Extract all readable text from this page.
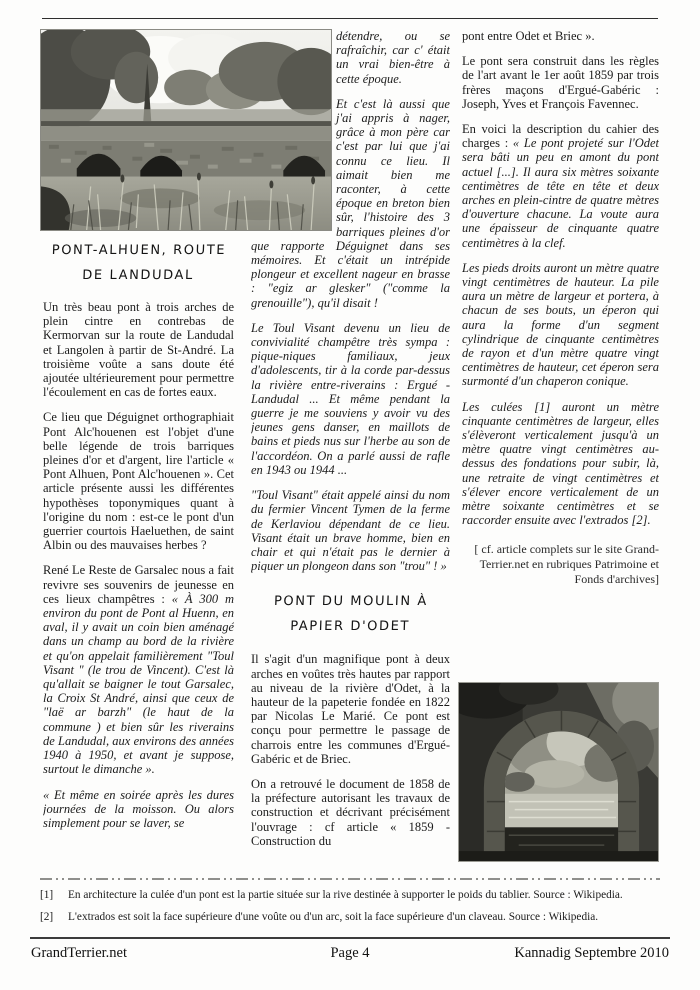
PONT-ALHUEN, ROUTE
DE LANDUDAL

Un très beau pont à trois arches de plein cintre en contrebas de Kermorvan sur la route de Landudal et Langolen à partir de St-André. La troisième voûte a sans doute été ajoutée ultérieurement pour permettre l'écoulement en cas de fortes eaux.

Ce lieu que Déguignet orthographiait Pont Alc'houenen est l'objet d'une belle légende de trois barriques pleines d'or et d'argent, lire l'article « Pont Alhuen, Pont Alc'houenen ». Cet article présente aussi les différentes hypothèses toponymiques quant à l'origine du nom : est-ce le pont d'un guerrier courtois Haeluethen, de saint Albin ou des mauvaises herbes ?

René Le Reste de Garsalec nous a fait revivre ses souvenirs de jeunesse en ces lieux champêtres : « À 300 m environ du pont de Pont al Huenn, en aval, il y avait un coin bien aménagé dans un champ au bord de la rivière et qu'on appelait familièrement "Toul Visant " (le trou de Vincent). C'est là qu'allait se baigner le tout Garsalec, la Croix St André, ainsi que ceux de "laë ar barzh" (le haut de la commune ) et bien sûr les riverains de Landudal, aux environs des années 1940 à 1950, et avant je suppose, surtout le dimanche ».

« Et même en soirée après les dures journées de la moisson. Ou alors simplement pour se laver, se

détendre, ou se rafraîchir, car c' était un vrai bien-être à cette époque.

Et c'est là aussi que j'ai appris à nager, grâce à mon père car c'est par lui que j'ai connu ce lieu. Il aimait bien me raconter, à cette époque en breton bien sûr, l'histoire des 3 barriques pleines d'or que rapporte Déguignet dans ses mémoires. Et c'était un intrépide plongeur et excellent nageur en brasse : "egiz ar glesker" ("comme la grenouille"), qu'il disait !

Le Toul Visant devenu un lieu de convivialité champêtre très sympa : pique-niques familiaux, jeux d'adolescents, tir à la corde par-dessus la rivière entre-riverains : Ergué - Landudal ... Et même pendant la guerre je me souviens y avoir vu des jeunes gens danser, en maillots de bains et pieds nus sur l'herbe au son de l'accordéon. On a parlé aussi de rafle en 1943 ou 1944 ...

"Toul Visant" était appelé ainsi du nom du fermier Vincent Tymen de la ferme de Kerlaviou dépendant de ce lieu. Visant était un brave homme, bien en chair et qui n'était pas le dernier à piquer un plongeon dans son "trou" ! »

PONT DU MOULIN À
PAPIER D'ODET

Il s'agit d'un magnifique pont à deux arches en voûtes très hautes par rapport au niveau de la rivière d'Odet, à la hauteur de la papeterie fondée en 1822 par Nicolas Le Marié. Ce pont est conçu pour permettre le passage de charrois entre les communes d'Ergué-Gabéric et de Briec.

On a retrouvé le document de 1858 de la préfecture autorisant les travaux de construction et décrivant précisément l'ouvrage : cf article « 1859 - Construction du

pont entre Odet et Briec ».

Le pont sera construit dans les règles de l'art avant le 1er août 1859 par trois frères maçons d'Ergué-Gabéric : Joseph, Yves et François Favennec.

En voici la description du cahier des charges : « Le pont projeté sur l'Odet sera bâti un peu en amont du pont actuel [...]. Il aura six mètres soixante centimètres de tête en tête et deux arches en plein-cintre de quatre mètres d'ouverture chacune. La voute aura une épaisseur de cinquante quatre centimètres à la clef.

Les pieds droits auront un mètre quatre vingt centimètres de hauteur. La pile aura un mètre de largeur et portera, à chacun de ses bouts, un éperon qui aura la forme d'un segment cylindrique de cinquante centimètres de rayon et d'un mètre quatre vingt centimètres de hauteur, cet éperon sera surmonté d'un chaperon conique.

Les culées [1] auront un mètre cinquante centimètres de largeur, elles s'élèveront verticalement jusqu'à un mètre quatre vingt centimètres au-dessus des fondations pour subir, là, une retraite de vingt centimètres et s'élever encore verticalement de un mètre soixante centimètres et se raccorder ensuite avec l'extrados [2].

[ cf. article complets sur le site Grand-Terrier.net en rubriques Patrimoine et Fonds d'archives]
[1]	En architecture la culée d'un pont est la partie située sur la rive destinée à supporter le poids du tablier. Source : Wikipedia.
[2]	L'extrados est soit la face supérieure d'une voûte ou d'un arc, soit la face supérieure d'un claveau. Source : Wikipedia.
GrandTerrier.net	Page 4	Kannadig Septembre 2010
